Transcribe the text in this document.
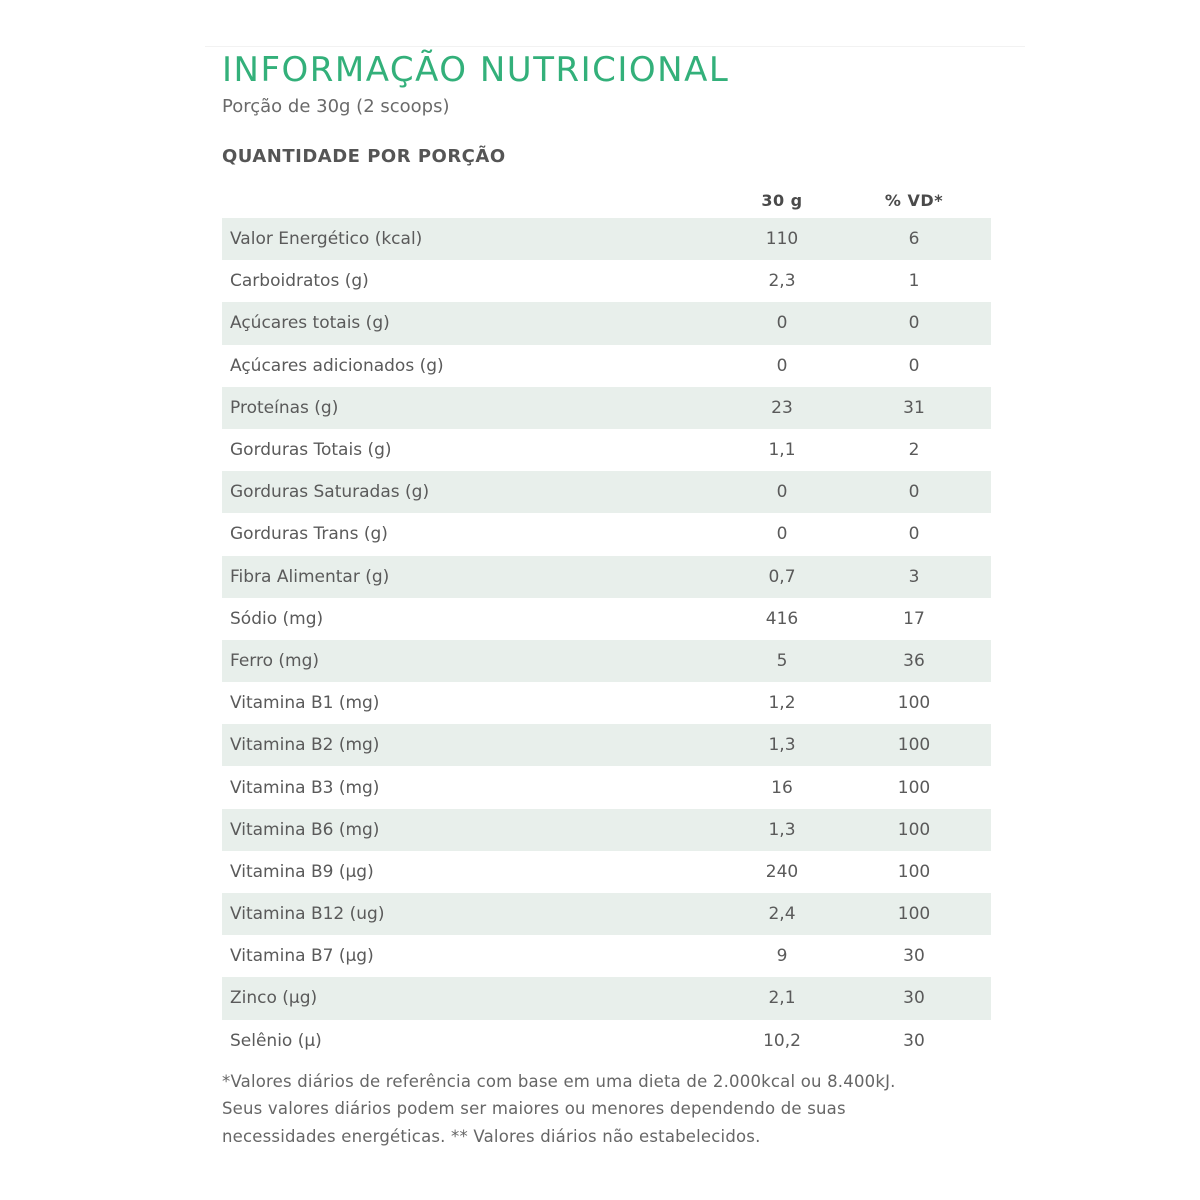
INFORMAÇÃO NUTRICIONAL
Porção de 30g (2 scoops)
QUANTIDADE POR PORÇÃO
30 g	% VD*
Valor Energético (kcal)	110	6
Carboidratos (g)	2,3	1
Açúcares totais (g)	0	0
Açúcares adicionados (g)	0	0
Proteínas (g)	23	31
Gorduras Totais (g)	1,1	2
Gorduras Saturadas (g)	0	0
Gorduras Trans (g)	0	0
Fibra Alimentar (g)	0,7	3
Sódio (mg)	416	17
Ferro (mg)	5	36
Vitamina B1 (mg)	1,2	100
Vitamina B2 (mg)	1,3	100
Vitamina B3 (mg)	16	100
Vitamina B6 (mg)	1,3	100
Vitamina B9 (µg)	240	100
Vitamina B12 (ug)	2,4	100
Vitamina B7 (µg)	9	30
Zinco (µg)	2,1	30
Selênio (µ)	10,2	30
*Valores diários de referência com base em uma dieta de 2.000kcal ou 8.400kJ.
Seus valores diários podem ser maiores ou menores dependendo de suas
necessidades energéticas. ** Valores diários não estabelecidos.
